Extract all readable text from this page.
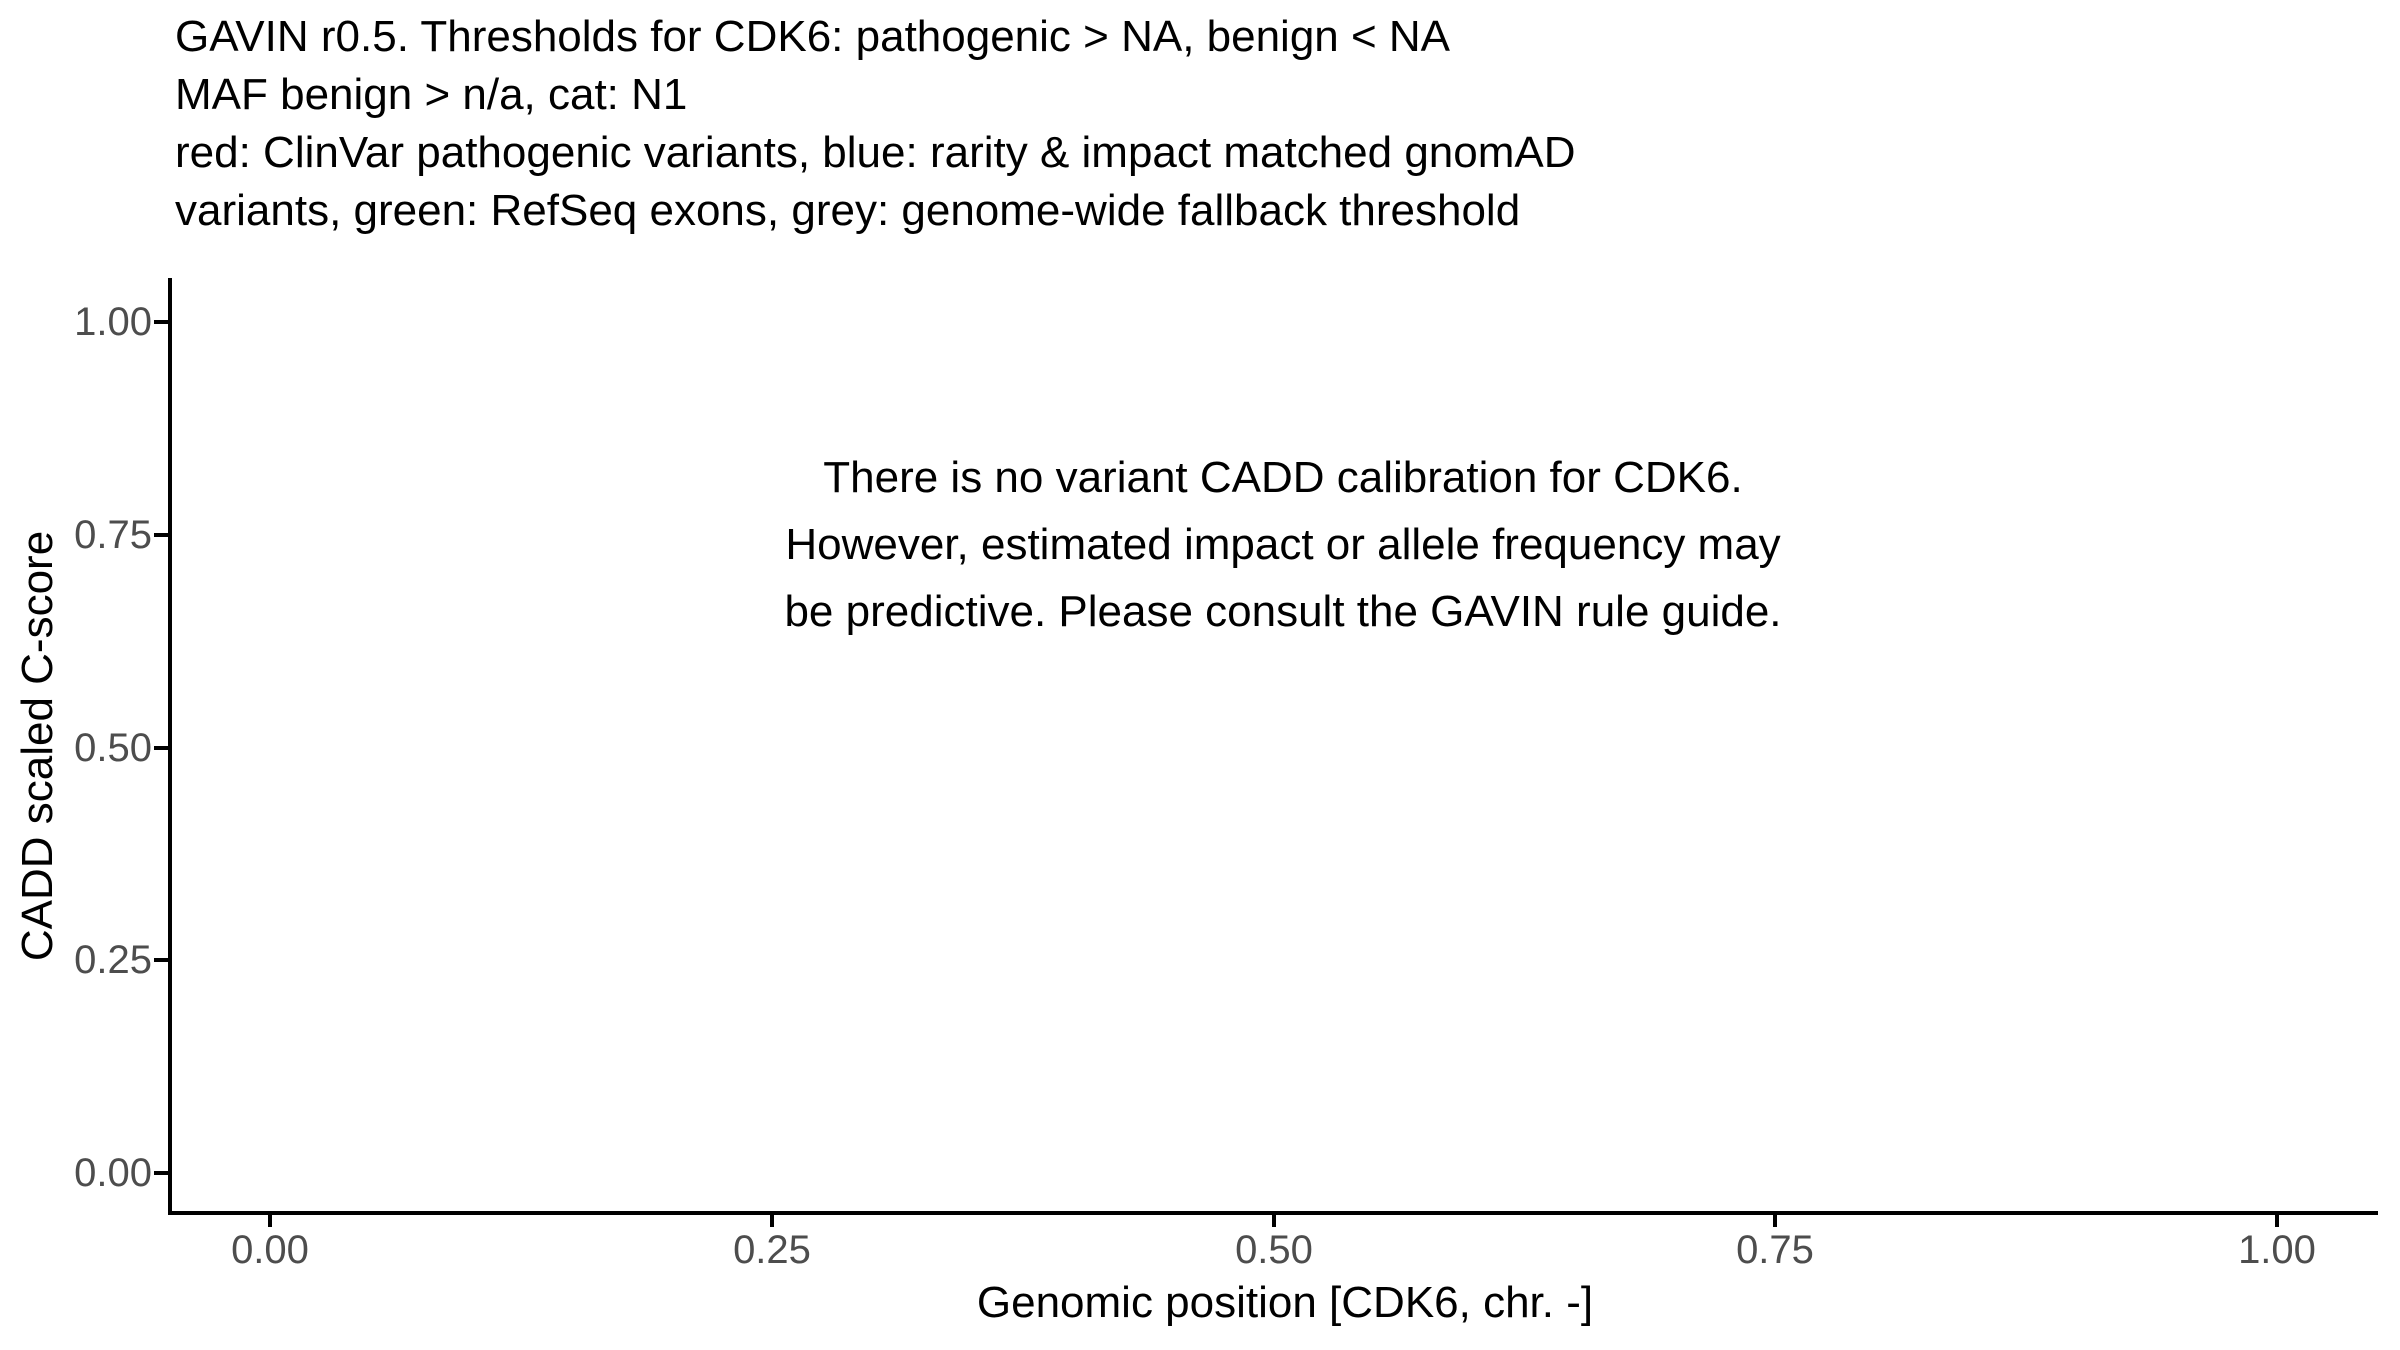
GAVIN r0.5. Thresholds for CDK6: pathogenic > NA, benign < NA
MAF benign > n/a, cat: N1
red: ClinVar pathogenic variants, blue: rarity & impact matched gnomAD
variants, green: RefSeq exons, grey: genome-wide fallback threshold
0.00
0.25
0.50
0.75
1.00
0.00	0.25	0.50	0.75	1.00
CADD scaled C-score
Genomic position [CDK6, chr. -]
There is no variant CADD calibration for CDK6.
However, estimated impact or allele frequency may
be predictive. Please consult the GAVIN rule guide.
